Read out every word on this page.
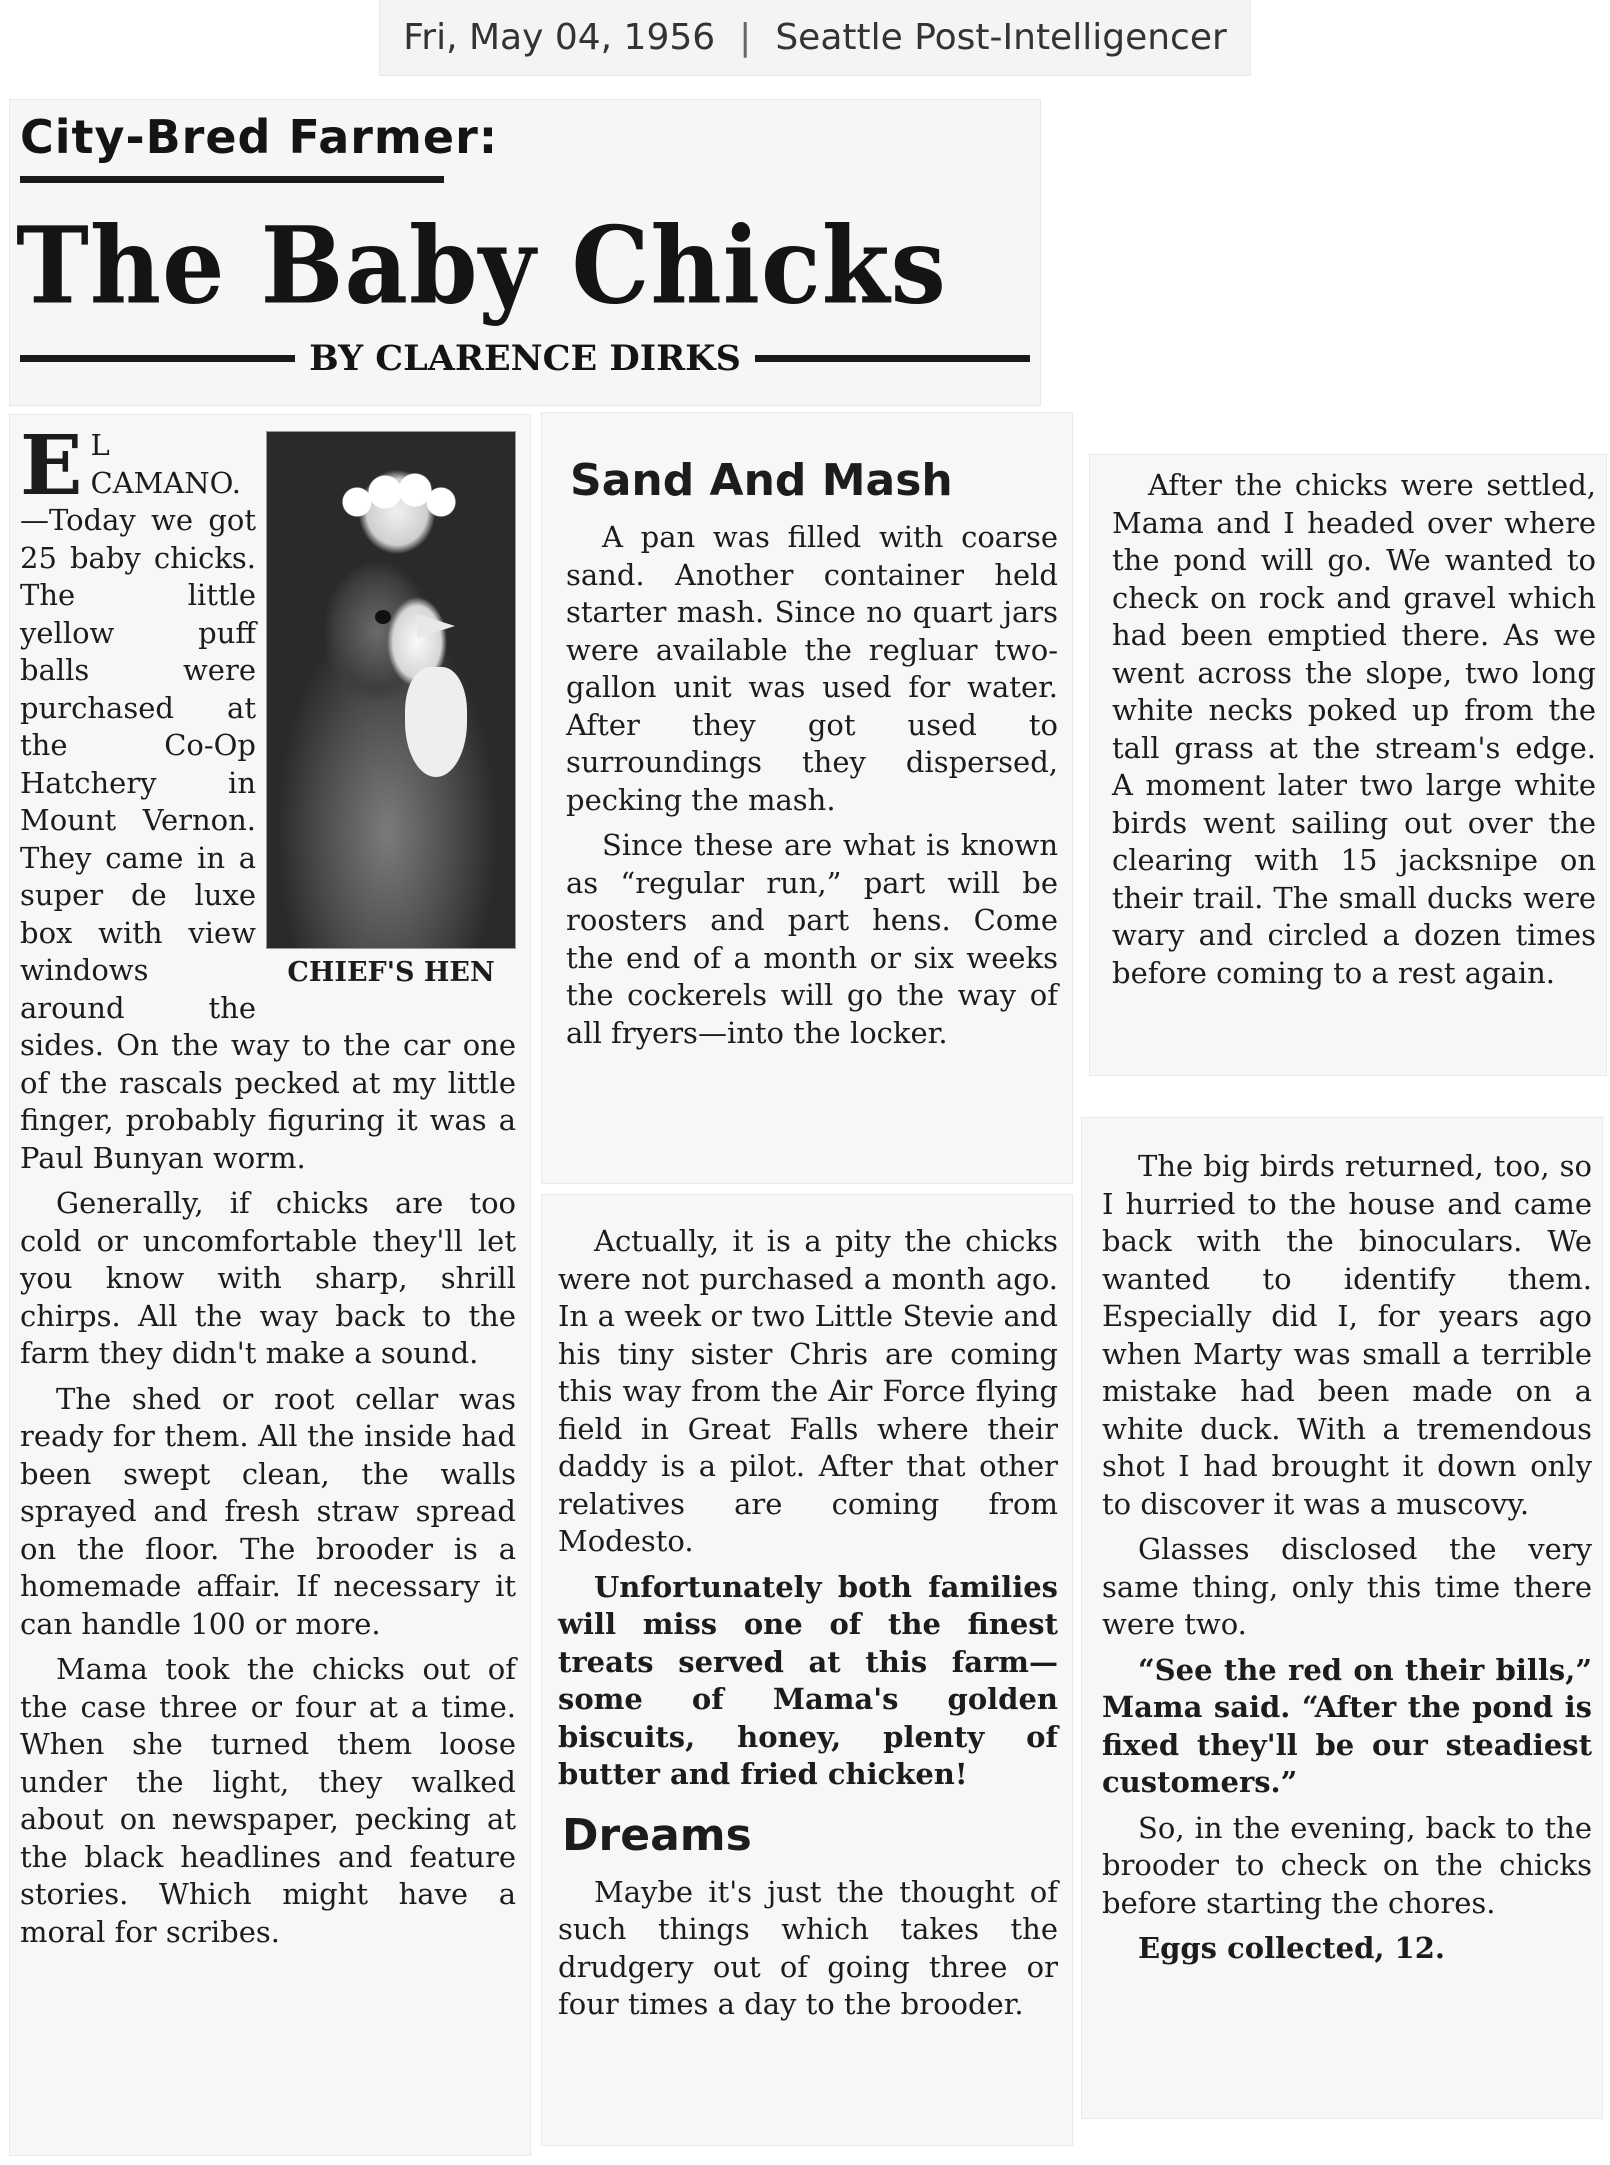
Fri, May 04, 1956 | Seattle Post-Intelligencer
City-Bred Farmer:
The Baby Chicks
BY CLARENCE DIRKS

E
CHIEF'S HEN
L CAMANO.—Today we got 25 baby chicks. The little yellow puff balls were purchased at the Co-Op Hatchery in Mount Vernon. They came in a super de luxe box with view windows around the sides. On the way to the car one of the rascals pecked at my little finger, probably figuring it was a Paul Bunyan worm.

Generally, if chicks are too cold or uncomfortable they'll let you know with sharp, shrill chirps. All the way back to the farm they didn't make a sound.

The shed or root cellar was ready for them. All the inside had been swept clean, the walls sprayed and fresh straw spread on the floor. The brooder is a homemade affair. If necessary it can handle 100 or more.

Mama took the chicks out of the case three or four at a time. When she turned them loose under the light, they walked about on newspaper, pecking at the black headlines and feature stories. Which might have a moral for scribes.

Sand And Mash

A pan was filled with coarse sand. Another container held starter mash. Since no quart jars were available the regluar two-gallon unit was used for water. After they got used to surroundings they dispersed, pecking the mash.

Since these are what is known as “regular run,” part will be roosters and part hens. Come the end of a month or six weeks the cockerels will go the way of all fryers—into the locker.

Actually, it is a pity the chicks were not purchased a month ago. In a week or two Little Stevie and his tiny sister Chris are coming this way from the Air Force flying field in Great Falls where their daddy is a pilot. After that other relatives are coming from Modesto.

Unfortunately both families will miss one of the finest treats served at this farm—some of Mama's golden biscuits, honey, plenty of butter and fried chicken!

Dreams

Maybe it's just the thought of such things which takes the drudgery out of going three or four times a day to the brooder.

After the chicks were settled, Mama and I headed over where the pond will go. We wanted to check on rock and gravel which had been emptied there. As we went across the slope, two long white necks poked up from the tall grass at the stream's edge. A moment later two large white birds went sailing out over the clearing with 15 jacksnipe on their trail. The small ducks were wary and circled a dozen times before coming to a rest again.

The big birds returned, too, so I hurried to the house and came back with the binoculars. We wanted to identify them. Especially did I, for years ago when Marty was small a terrible mistake had been made on a white duck. With a tremendous shot I had brought it down only to discover it was a muscovy.

Glasses disclosed the very same thing, only this time there were two.

“See the red on their bills,” Mama said. “After the pond is fixed they'll be our steadiest customers.”

So, in the evening, back to the brooder to check on the chicks before starting the chores.

Eggs collected, 12.
